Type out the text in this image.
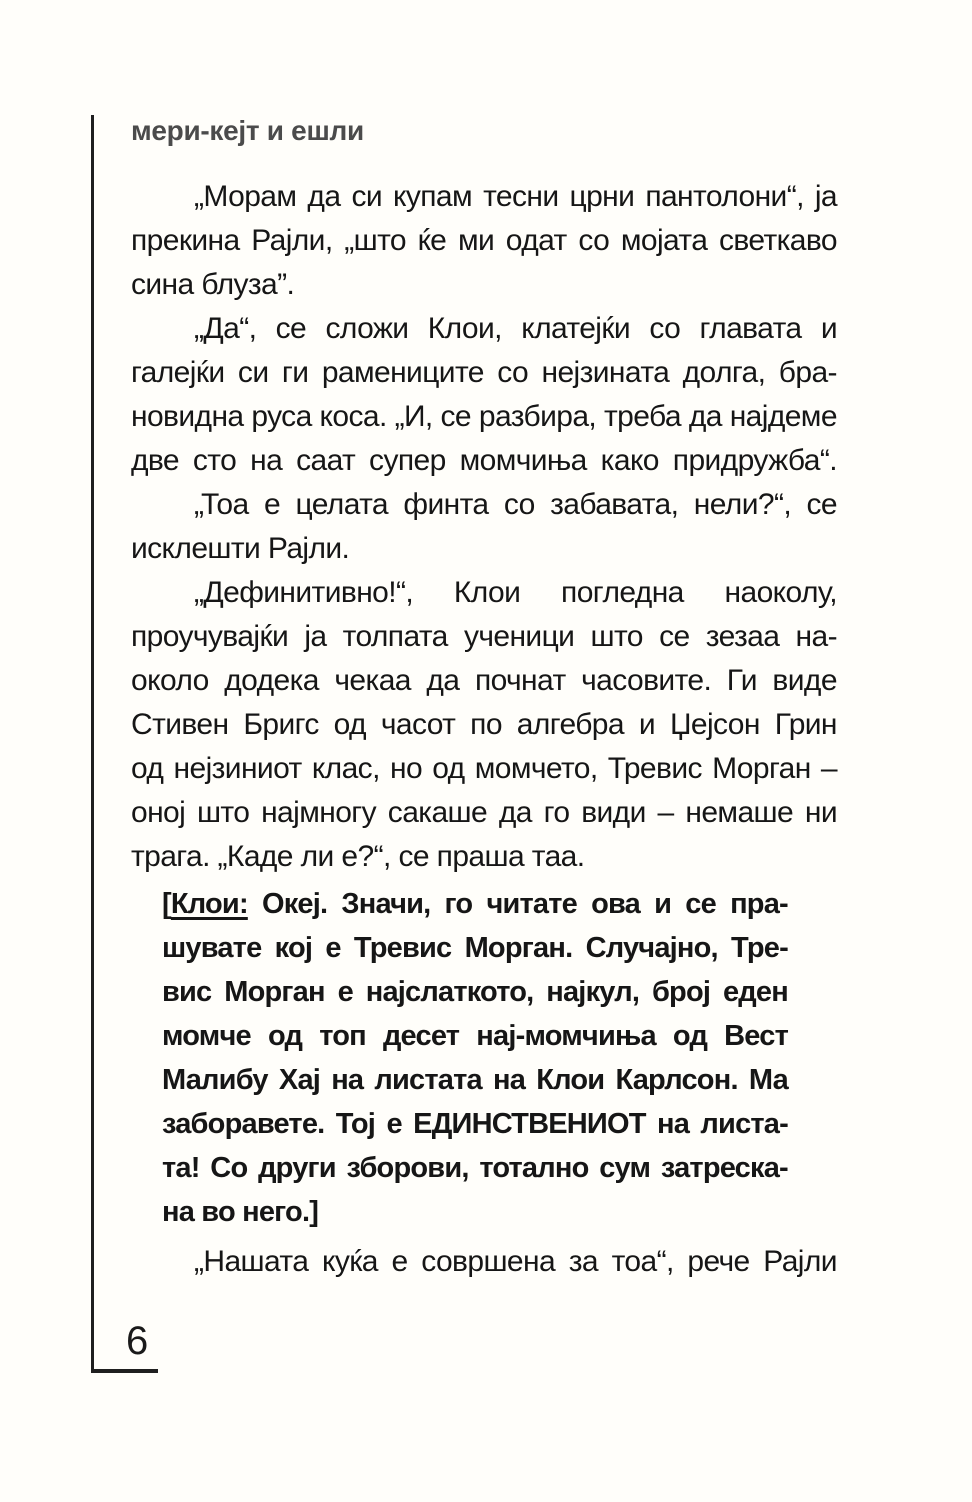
мери-кејт и ешли
„Морам да си купам тесни црни пантолони“, ја
прекина Рајли, „што ќе ми одат со мојата светкаво
сина блуза”.
„Да“, се сложи Клои, клатејќи со главата и
галејќи си ги рамениците со нејзината долга, бра-
новидна руса коса. „И, се разбира, треба да најдеме
две сто на саат супер момчиња како придружба“.
„Тоа е целата финта со забавата, нели?“, се
исклешти Рајли.
„Дефинитивно!“, Клои погледна наоколу,
проучувајќи ја толпата ученици што се зезаа на-
около додека чекаа да почнат часовите. Ги виде
Стивен Бригс од часот по алгебра и Џејсон Грин
од нејзиниот клас, но од момчето, Тревис Морган –
оној што најмногу сакаше да го види – немаше ни
трага. „Каде ли е?“, се праша таа.
[Клои: Океј. Значи, го читате ова и се пра-
шувате кој е Тревис Морган. Случајно, Тре-
вис Морган е најслаткото, најкул, број еден
момче од топ десет нај-момчиња од Вест
Малибу Хај на листата на Клои Карлсон. Ма
заборавете. Тој е ЕДИНСТВЕНИОТ на листа-
та! Со други зборови, тотално сум затреска-
на во него.]
„Нашата куќа е совршена за тоа“, рече Рајли
6
